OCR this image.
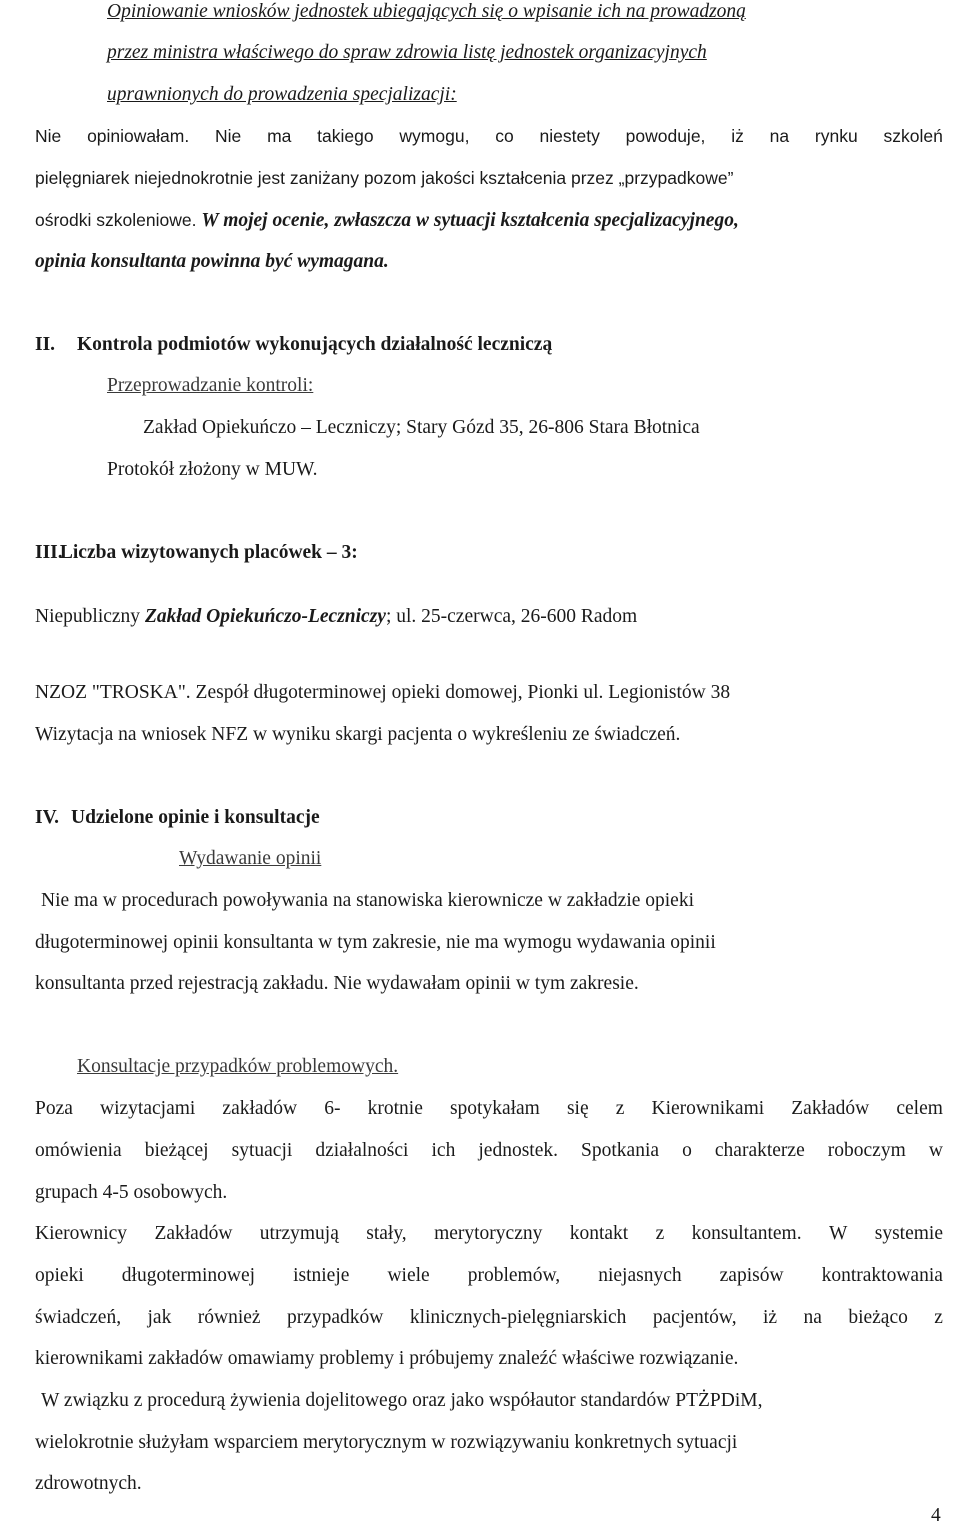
Opiniowanie wniosków jednostek ubiegających się o wpisanie ich na prowadzoną
przez ministra właściwego do spraw zdrowia listę jednostek organizacyjnych
uprawnionych do prowadzenia specjalizacji:
Nie opiniowałam. Nie ma takiego wymogu, co niestety powoduje, iż na rynku szkoleń
pielęgniarek niejednokrotnie jest zaniżany pozom jakości kształcenia przez „przypadkowe”
ośrodki szkoleniowe. W mojej ocenie, zwłaszcza w sytuacji kształcenia specjalizacyjnego,
opinia konsultanta powinna być wymagana.
II. Kontrola podmiotów wykonujących działalność leczniczą
Przeprowadzanie kontroli:
Zakład Opiekuńczo – Leczniczy; Stary Gózd 35, 26-806 Stara Błotnica
Protokół złożony w MUW.
III. Liczba wizytowanych placówek – 3:
Niepubliczny Zakład Opiekuńczo-Leczniczy; ul. 25-czerwca, 26-600 Radom
NZOZ "TROSKA". Zespół długoterminowej opieki domowej, Pionki ul. Legionistów 38
Wizytacja na wniosek NFZ w wyniku skargi pacjenta o wykreśleniu ze świadczeń.
IV. Udzielone opinie i konsultacje
Wydawanie opinii
Nie ma w procedurach powoływania na stanowiska kierownicze w zakładzie opieki
długoterminowej opinii konsultanta w tym zakresie, nie ma wymogu wydawania opinii
konsultanta przed rejestracją zakładu. Nie wydawałam opinii w tym zakresie.
Konsultacje przypadków problemowych.
Poza wizytacjami zakładów 6- krotnie spotykałam się z Kierownikami Zakładów celem
omówienia bieżącej sytuacji działalności ich jednostek. Spotkania o charakterze roboczym w
grupach 4-5 osobowych.
Kierownicy Zakładów utrzymują stały, merytoryczny kontakt z konsultantem. W systemie
opieki długoterminowej istnieje wiele problemów, niejasnych zapisów kontraktowania
świadczeń, jak również przypadków klinicznych-pielęgniarskich pacjentów, iż na bieżąco z
kierownikami zakładów omawiamy problemy i próbujemy znaleźć właściwe rozwiązanie.
W związku z procedurą żywienia dojelitowego oraz jako współautor standardów PTŻPDiM,
wielokrotnie służyłam wsparciem merytorycznym w rozwiązywaniu konkretnych sytuacji
zdrowotnych.
4
